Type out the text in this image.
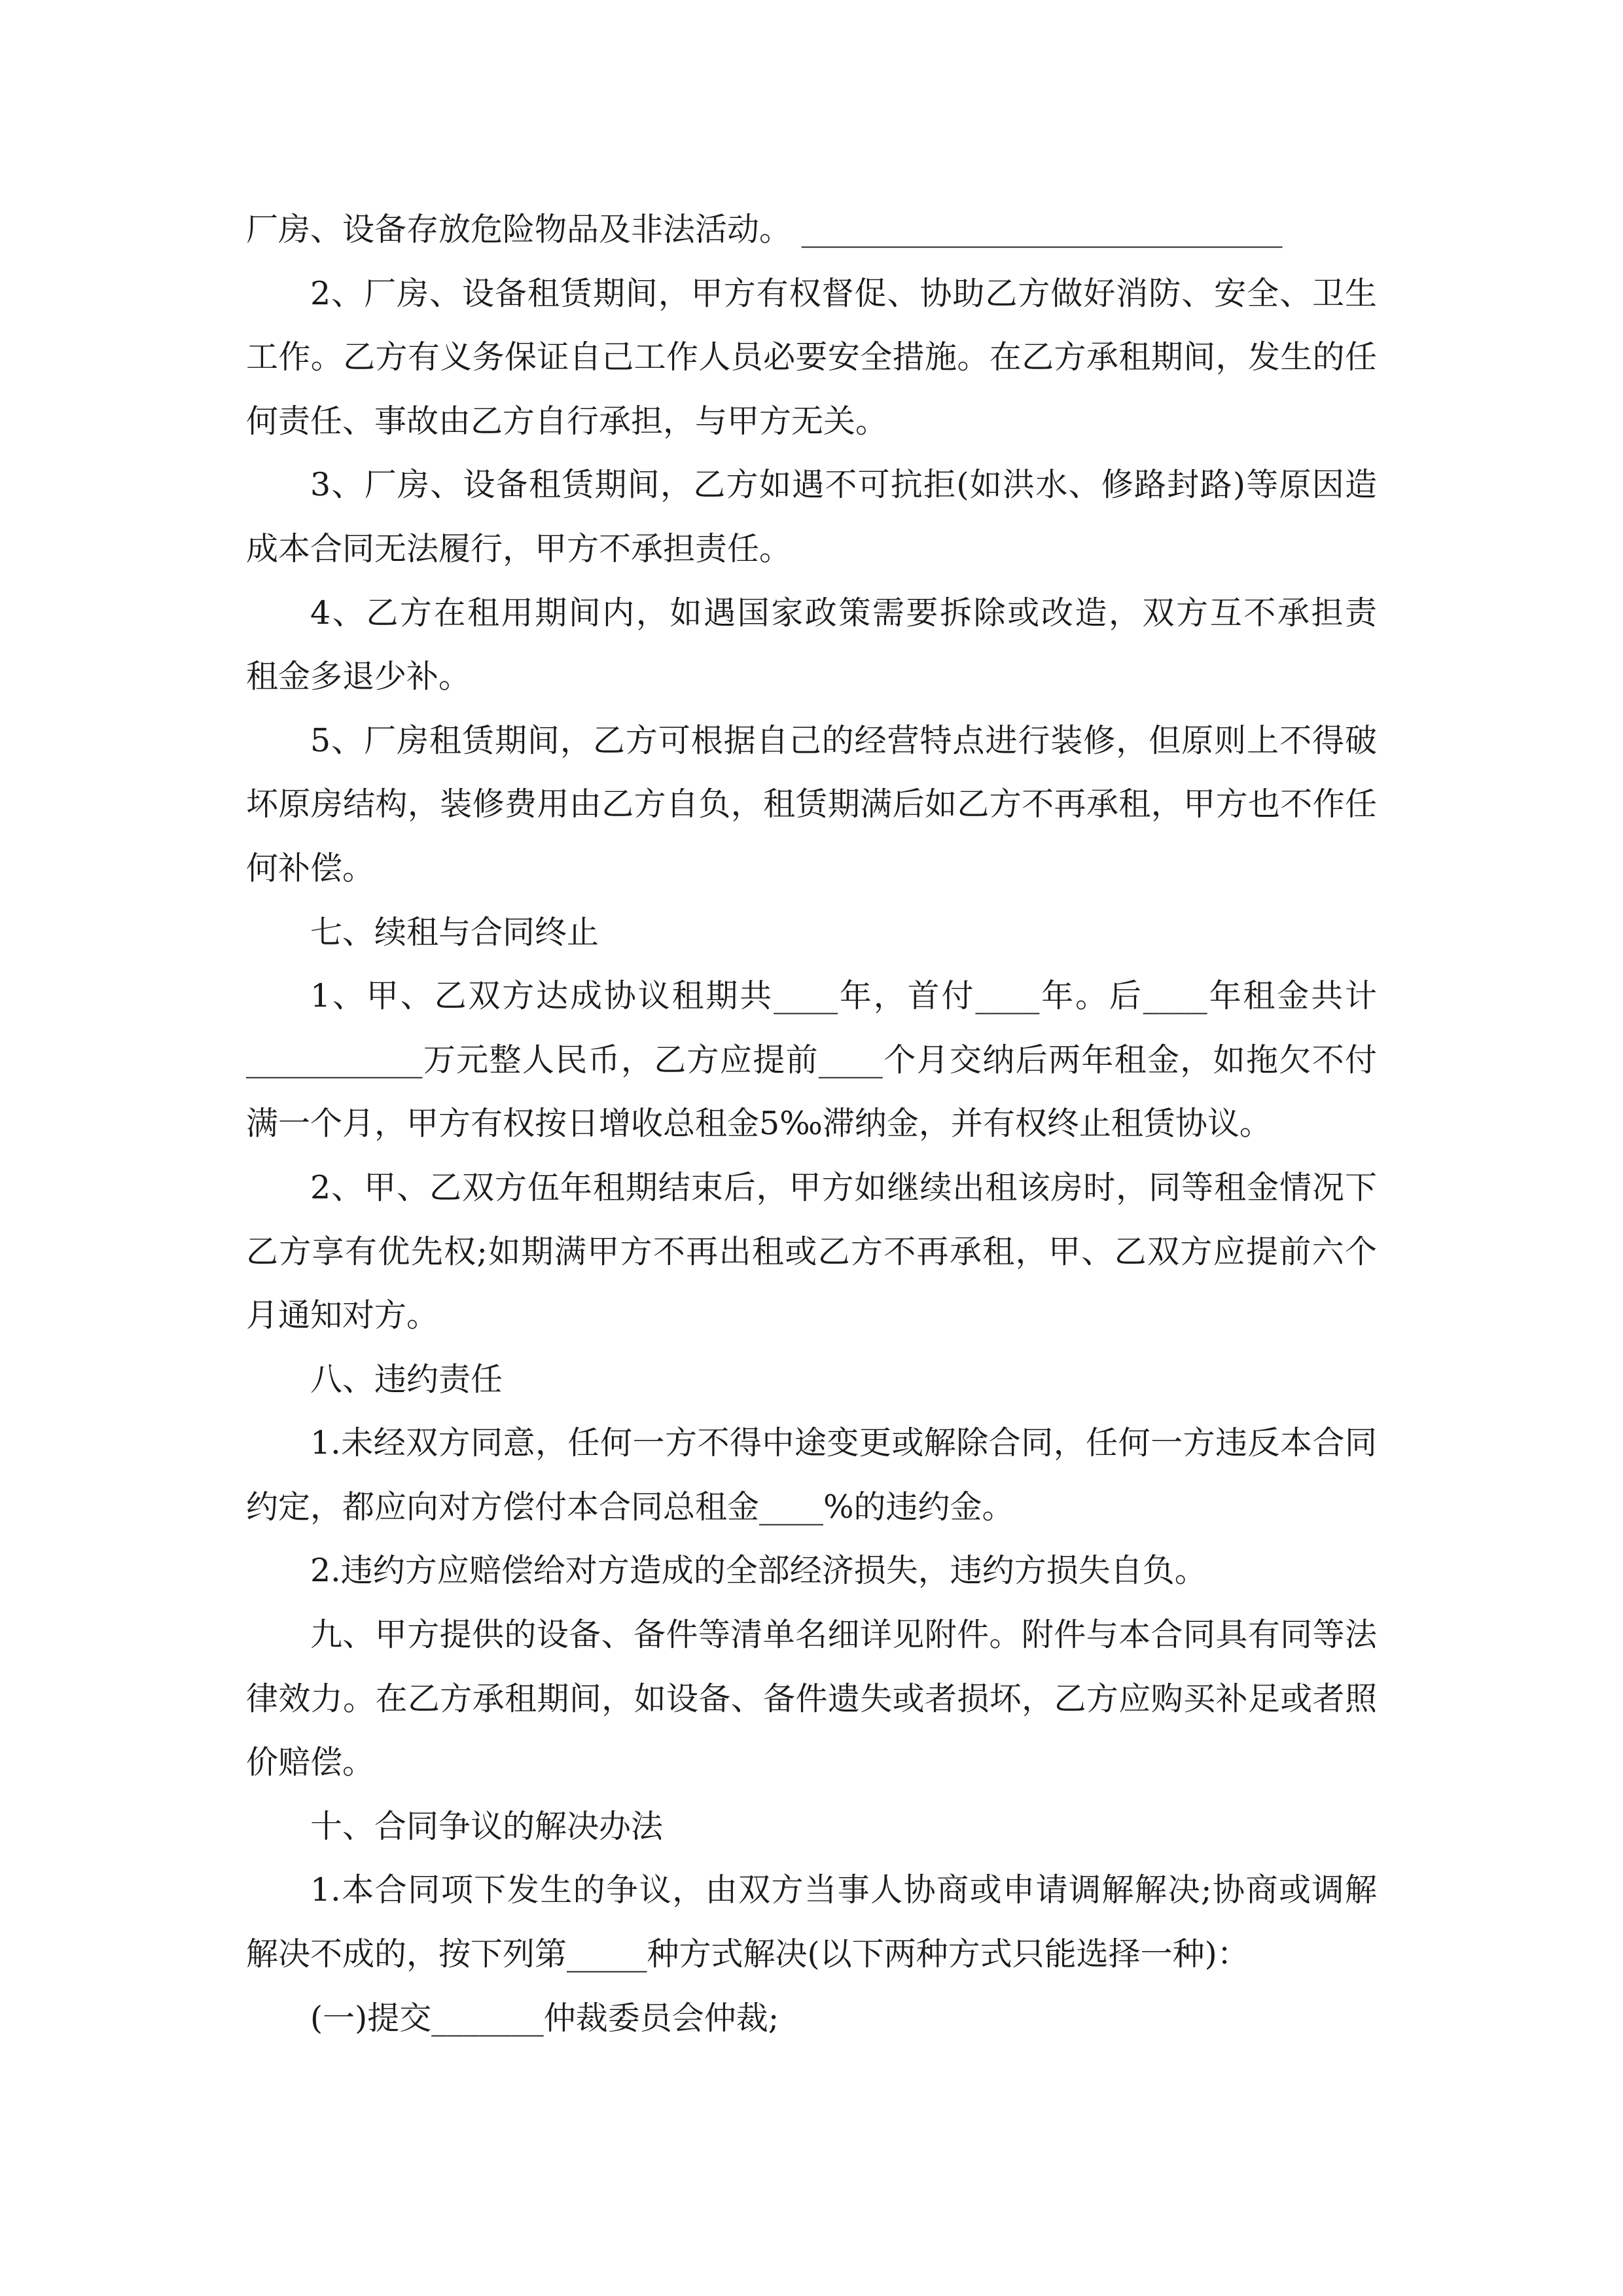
厂房、设备存放危险物品及非法活动。 ______________________________
2、厂房、设备租赁期间，甲方有权督促、协助乙方做好消防、安全、卫生
工作。乙方有义务保证自己工作人员必要安全措施。在乙方承租期间，发生的任
何责任、事故由乙方自行承担，与甲方无关。
3、厂房、设备租赁期间，乙方如遇不可抗拒(如洪水、修路封路)等原因造
成本合同无法履行，甲方不承担责任。
4、乙方在租用期间内，如遇国家政策需要拆除或改造，双方互不承担责
租金多退少补。
5、厂房租赁期间，乙方可根据自己的经营特点进行装修，但原则上不得破
坏原房结构，装修费用由乙方自负，租赁期满后如乙方不再承租，甲方也不作任
何补偿。
七、续租与合同终止
1、甲、乙双方达成协议租期共____年，首付____年。后____年租金共计
___________万元整人民币，乙方应提前____个月交纳后两年租金，如拖欠不付
满一个月，甲方有权按日增收总租金5‰滞纳金，并有权终止租赁协议。
2、甲、乙双方伍年租期结束后，甲方如继续出租该房时，同等租金情况下
乙方享有优先权;如期满甲方不再出租或乙方不再承租，甲、乙双方应提前六个
月通知对方。
八、违约责任
1.未经双方同意，任何一方不得中途变更或解除合同，任何一方违反本合同
约定，都应向对方偿付本合同总租金____%的违约金。
2.违约方应赔偿给对方造成的全部经济损失，违约方损失自负。
九、甲方提供的设备、备件等清单名细详见附件。附件与本合同具有同等法
律效力。在乙方承租期间，如设备、备件遗失或者损坏，乙方应购买补足或者照
价赔偿。
十、合同争议的解决办法
1.本合同项下发生的争议，由双方当事人协商或申请调解解决;协商或调解
解决不成的，按下列第_____种方式解决(以下两种方式只能选择一种)：
(一)提交_______仲裁委员会仲裁;
